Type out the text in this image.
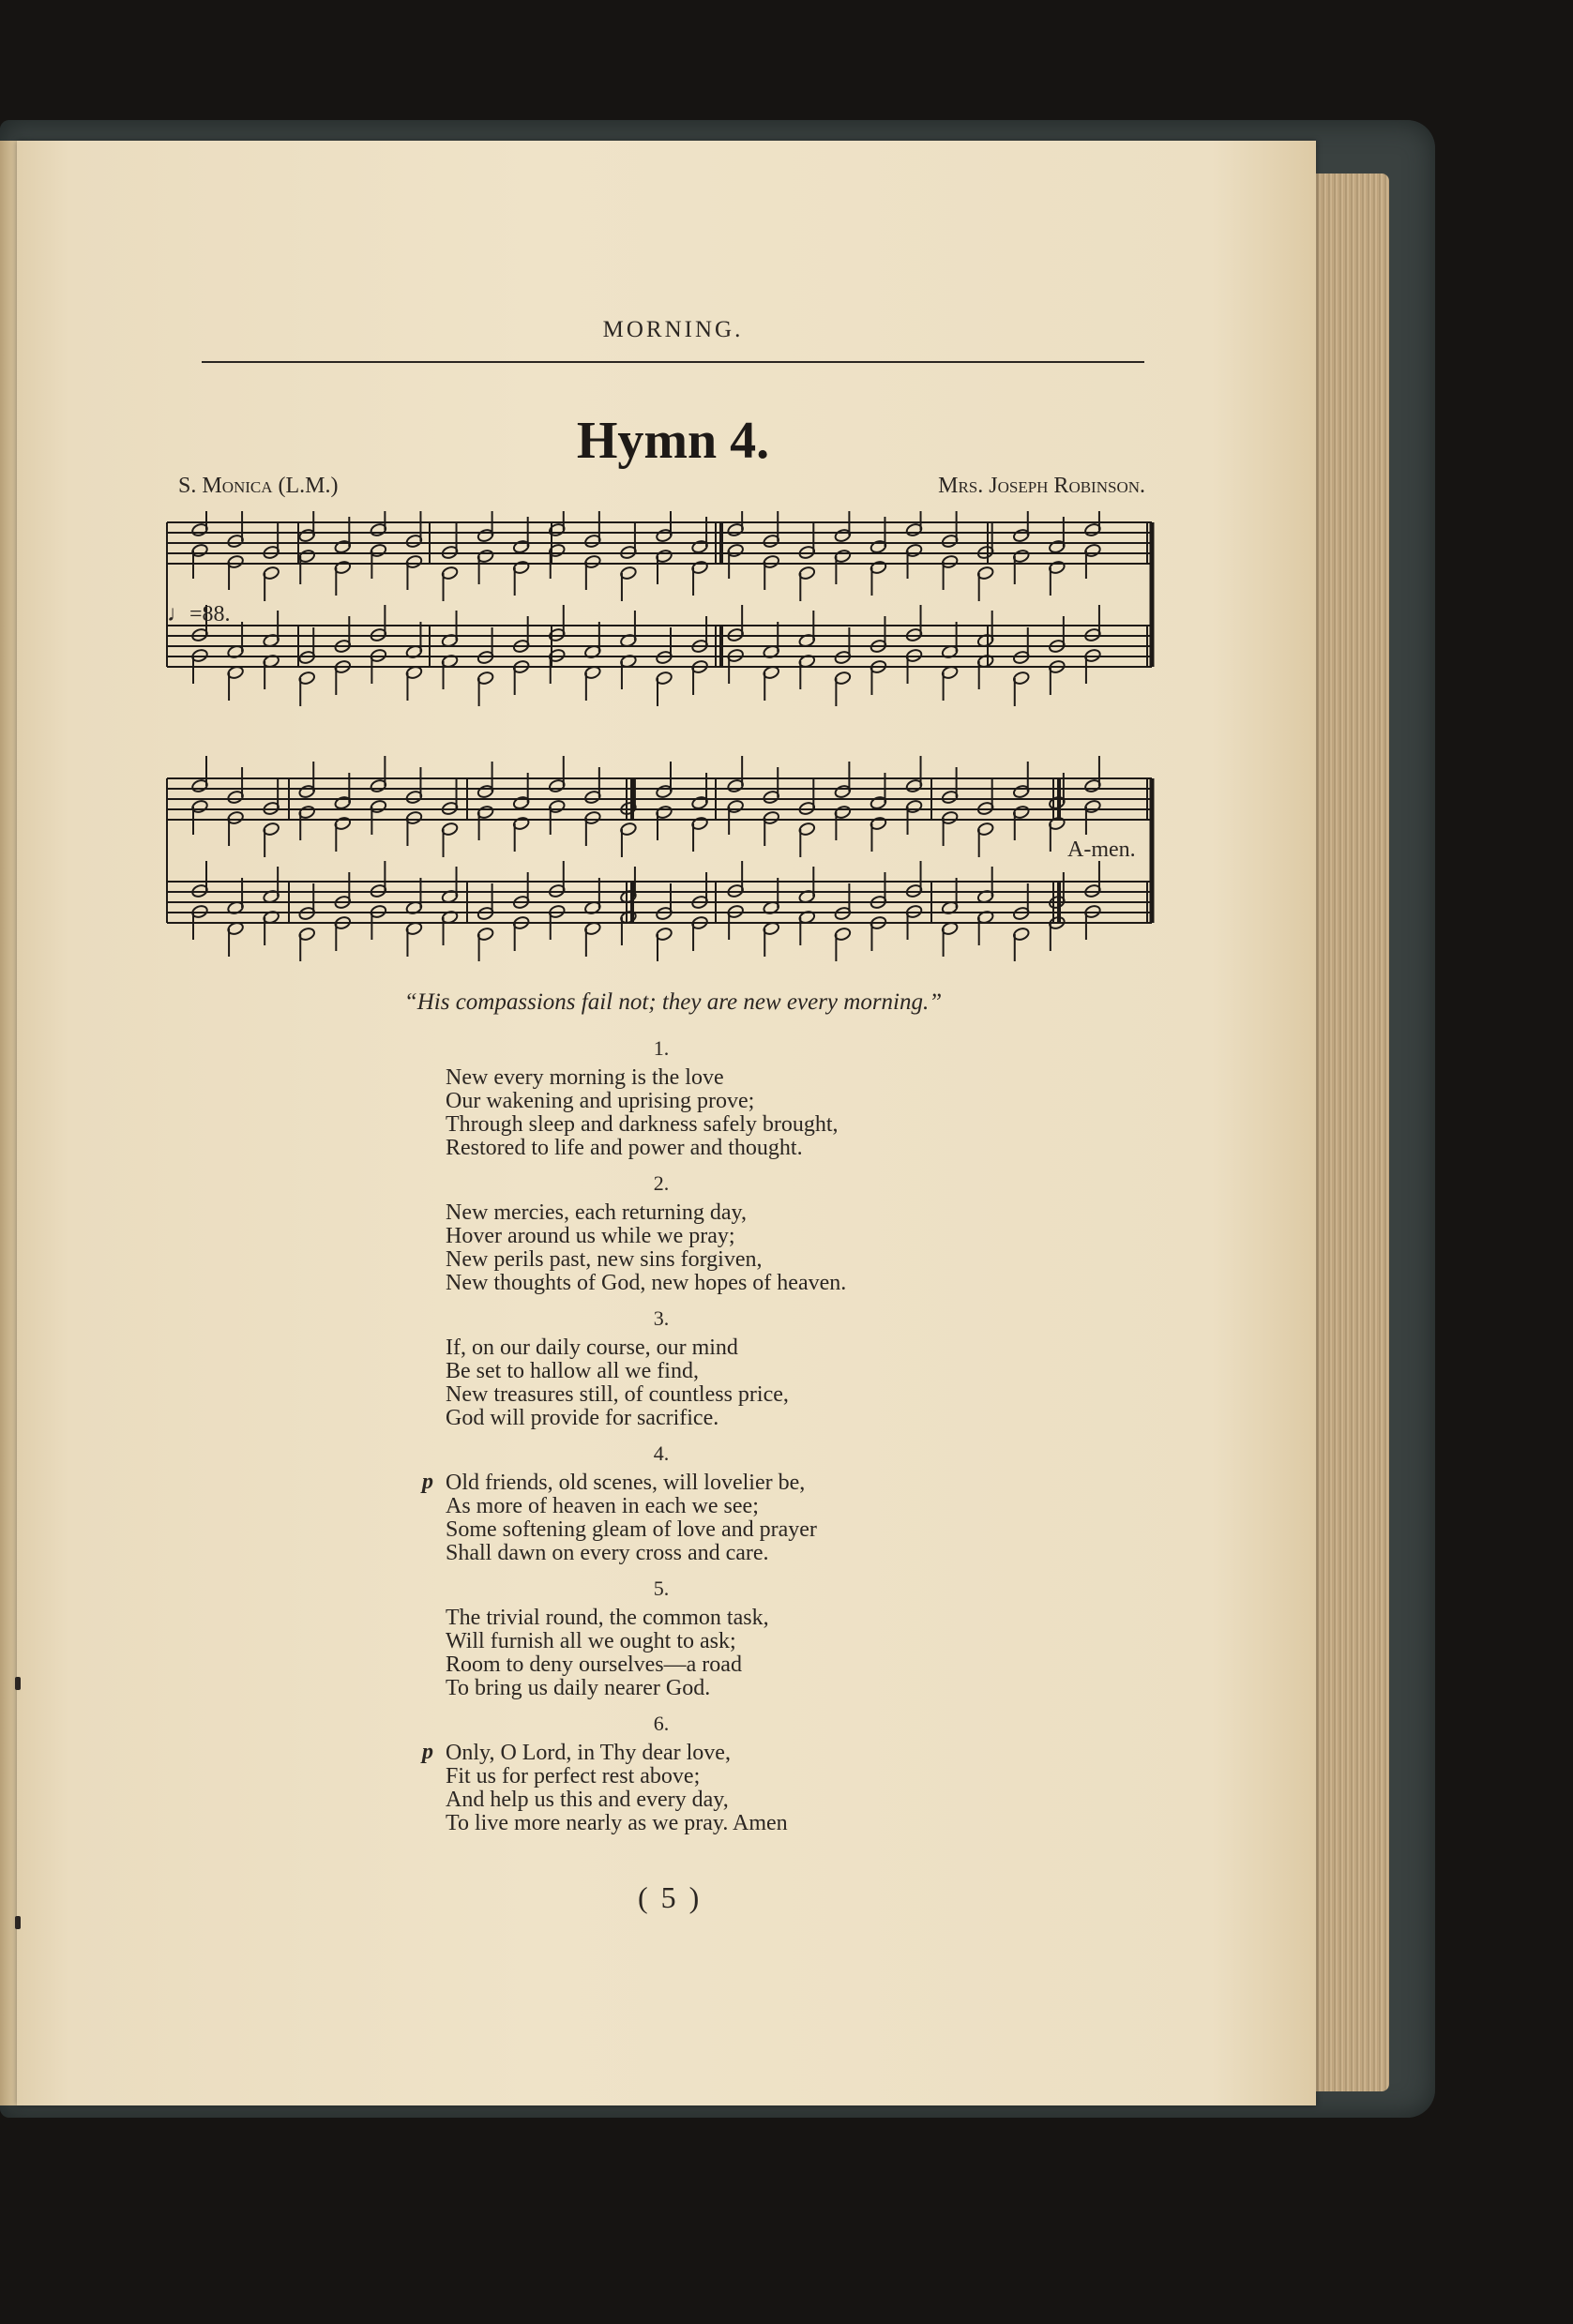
MORNING.
Hymn 4.
S. Monica (L.M.)	Mrs. Joseph Robinson.
♩=88.
A-men.
“His compassions fail not; they are new every morning.”
1.
New every morning is the love
Our wakening and uprising prove;
Through sleep and darkness safely brought,
Restored to life and power and thought.
2.
New mercies, each returning day,
Hover around us while we pray;
New perils past, new sins forgiven,
New thoughts of God, new hopes of heaven.
3.
If, on our daily course, our mind
Be set to hallow all we find,
New treasures still, of countless price,
God will provide for sacrifice.
4.
p Old friends, old scenes, will lovelier be,
As more of heaven in each we see;
Some softening gleam of love and prayer
Shall dawn on every cross and care.
5.
The trivial round, the common task,
Will furnish all we ought to ask;
Room to deny ourselves—a road
To bring us daily nearer God.
6.
p Only, O Lord, in Thy dear love,
Fit us for perfect rest above;
And help us this and every day,
To live more nearly as we pray. Amen
( 5 )
